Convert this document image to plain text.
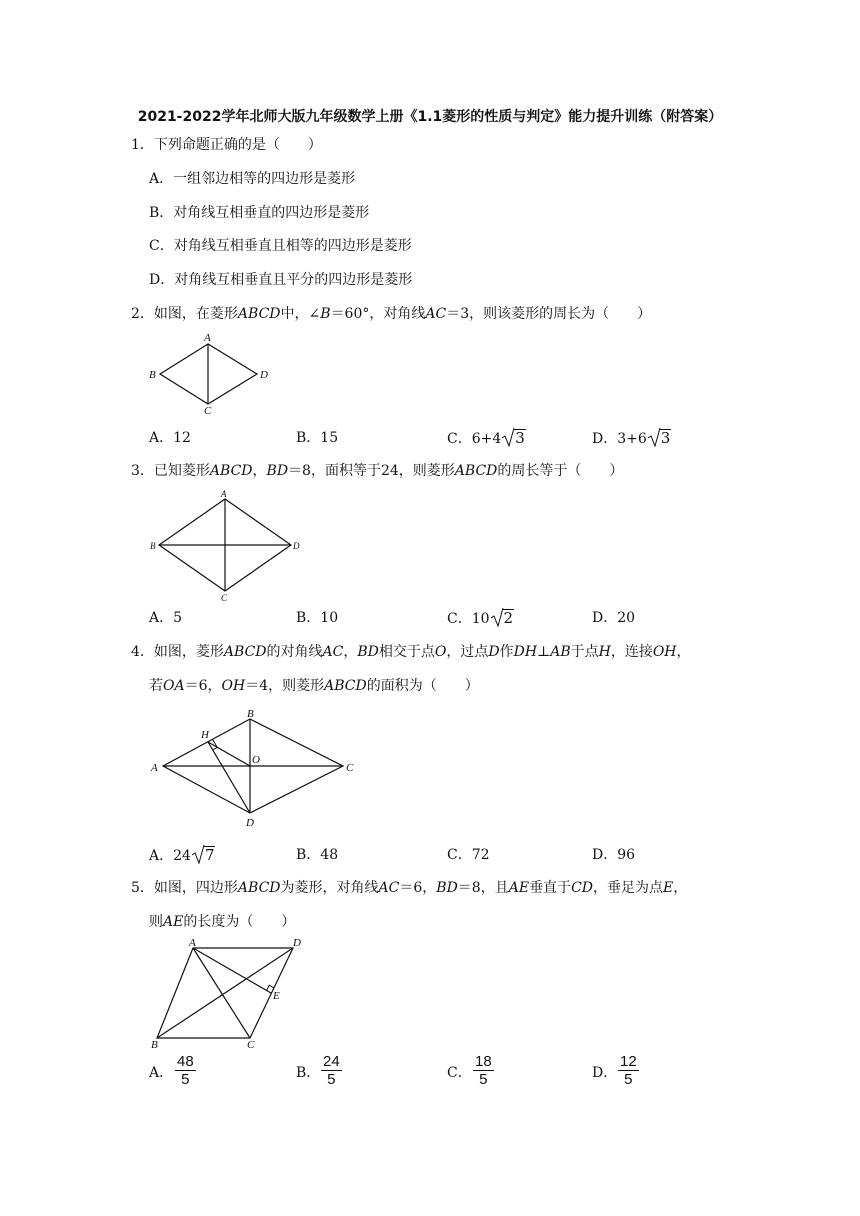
2021-2022学年北师大版九年级数学上册《1.1菱形的性质与判定》能力提升训练（附答案）
1．下列命题正确的是（　　）
A．一组邻边相等的四边形是菱形
B．对角线互相垂直的四边形是菱形
C．对角线互相垂直且相等的四边形是菱形
D．对角线互相垂直且平分的四边形是菱形
2．如图，在菱形ABCD中，∠B＝60°，对角线AC＝3，则该菱形的周长为（　　）
A
B
C
D
A．12	B．15	C．6+4 3	D．3+6 3
3．已知菱形ABCD，BD＝8，面积等于24，则菱形ABCD的周长等于（　　）
A
B
C
D
A．5	B．10	C．10 2	D．20
4．如图，菱形ABCD的对角线AC，BD相交于点O，过点D作DH⊥AB于点H，连接OH，
若OA＝6，OH＝4，则菱形ABCD的面积为（　　）
A
B
C
D
H
O
A．24 7	B．48	C．72	D．96
5．如图，四边形ABCD为菱形，对角线AC＝6，BD＝8，且AE垂直于CD，垂足为点E，
则AE的长度为（　　）
A	D
E
B	C
A．
48
5	B．
24
5	C．
18
5	D．
12
5
